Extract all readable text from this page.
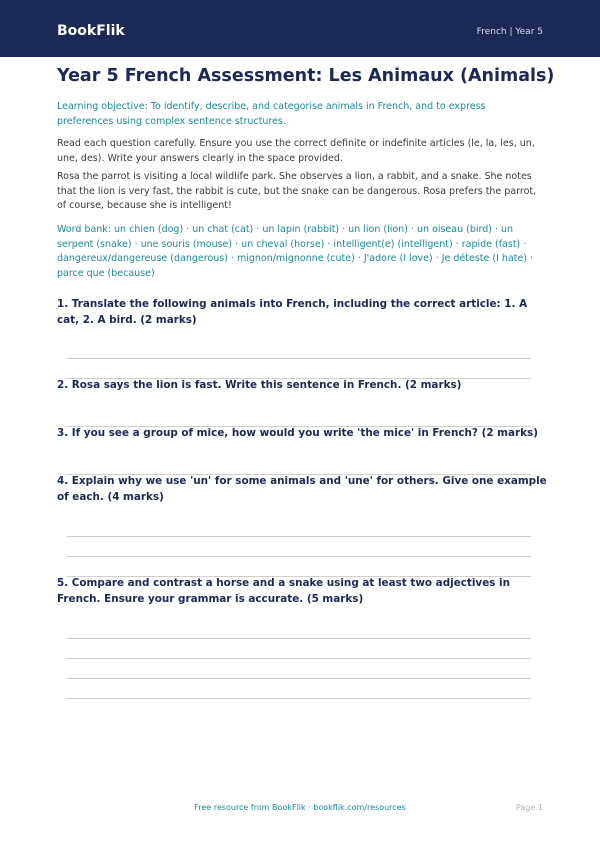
BookFlik	French | Year 5
Year 5 French Assessment: Les Animaux (Animals)

Learning objective: To identify, describe, and categorise animals in French, and to express preferences using complex sentence structures.

Read each question carefully. Ensure you use the correct definite or indefinite articles (le, la, les, un, une, des). Write your answers clearly in the space provided.

Rosa the parrot is visiting a local wildlife park. She observes a lion, a rabbit, and a snake. She notes that the lion is very fast, the rabbit is cute, but the snake can be dangerous. Rosa prefers the parrot, of course, because she is intelligent!

Word bank: un chien (dog) · un chat (cat) · un lapin (rabbit) · un lion (lion) · un oiseau (bird) · un serpent (snake) · une souris (mouse) · un cheval (horse) · intelligent(e) (intelligent) · rapide (fast) · dangereux/dangereuse (dangerous) · mignon/mignonne (cute) · J'adore (I love) · Je déteste (I hate) · parce que (because)

1. Translate the following animals into French, including the correct article: 1. A cat, 2. A bird. (2 marks)

2. Rosa says the lion is fast. Write this sentence in French. (2 marks)

3. If you see a group of mice, how would you write 'the mice' in French? (2 marks)

4. Explain why we use 'un' for some animals and 'une' for others. Give one example of each. (4 marks)

5. Compare and contrast a horse and a snake using at least two adjectives in French. Ensure your grammar is accurate. (5 marks)

Free resource from BookFlik · bookflik.com/resources	Page 1
